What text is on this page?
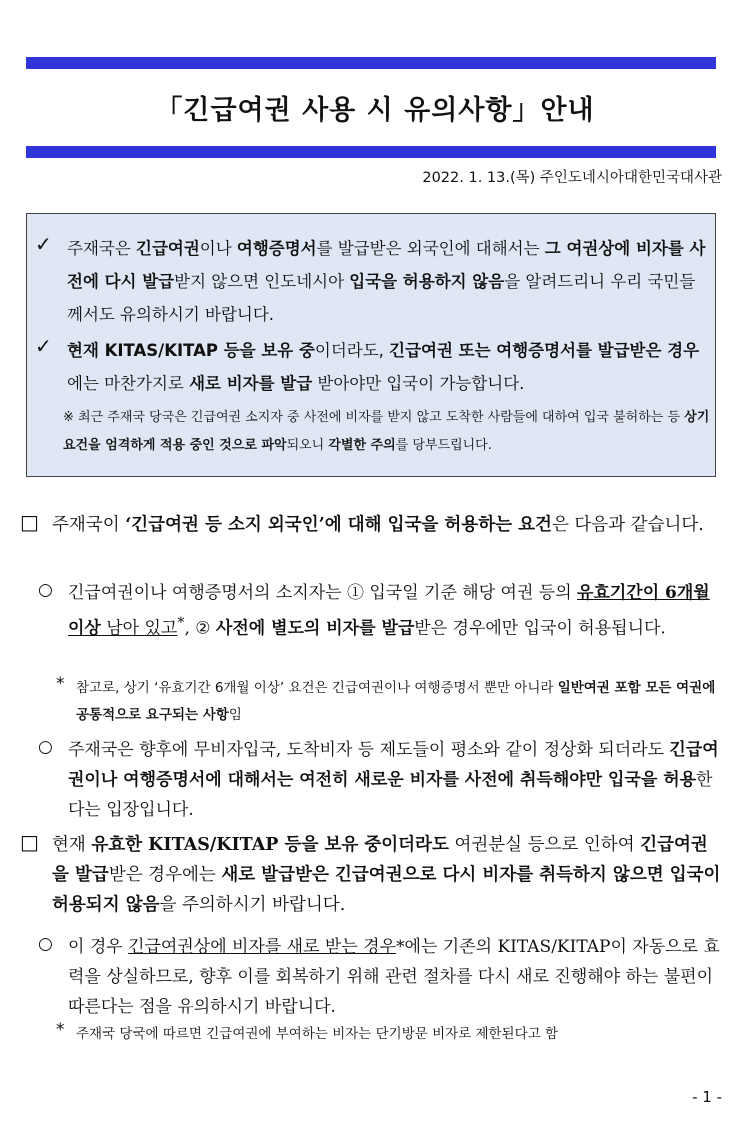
「긴급여권 사용 시 유의사항」안내
2022. 1. 13.(목) 주인도네시아대한민국대사관
✓ 주재국은 긴급여권이나 여행증명서를 발급받은 외국인에 대해서는 그 여권상에 비자를 사전에 다시 발급받지 않으면 인도네시아 입국을 허용하지 않음을 알려드리니 우리 국민들께서도 유의하시기 바랍니다.
✓ 현재 KITAS/KITAP 등을 보유 중이더라도, 긴급여권 또는 여행증명서를 발급받은 경우에는 마찬가지로 새로 비자를 발급 받아야만 입국이 가능합니다.
※ 최근 주재국 당국은 긴급여권 소지자 중 사전에 비자를 받지 않고 도착한 사람들에 대하여 입국 불허하는 등 상기 요건을 엄격하게 적용 중인 것으로 파악되오니 각별한 주의를 당부드립니다.
□ 주재국이 ‘긴급여권 등 소지 외국인’에 대해 입국을 허용하는 요건은 다음과 같습니다.
○ 긴급여권이나 여행증명서의 소지자는 ① 입국일 기준 해당 여권 등의 유효기간이 6개월 이상 남아 있고*, ② 사전에 별도의 비자를 발급받은 경우에만 입국이 허용됩니다.
* 참고로, 상기 ‘유효기간 6개월 이상’ 요건은 긴급여권이나 여행증명서 뿐만 아니라 일반여권 포함 모든 여권에 공통적으로 요구되는 사항임
○ 주재국은 향후에 무비자입국, 도착비자 등 제도들이 평소와 같이 정상화 되더라도 긴급여권이나 여행증명서에 대해서는 여전히 새로운 비자를 사전에 취득해야만 입국을 허용한다는 입장입니다.
□ 현재 유효한 KITAS/KITAP 등을 보유 중이더라도 여권분실 등으로 인하여 긴급여권을 발급받은 경우에는 새로 발급받은 긴급여권으로 다시 비자를 취득하지 않으면 입국이 허용되지 않음을 주의하시기 바랍니다.
○ 이 경우 긴급여권상에 비자를 새로 받는 경우*에는 기존의 KITAS/KITAP이 자동으로 효력을 상실하므로, 향후 이를 회복하기 위해 관련 절차를 다시 새로 진행해야 하는 불편이 따른다는 점을 유의하시기 바랍니다.
* 주재국 당국에 따르면 긴급여권에 부여하는 비자는 단기방문 비자로 제한된다고 함
- 1 -
